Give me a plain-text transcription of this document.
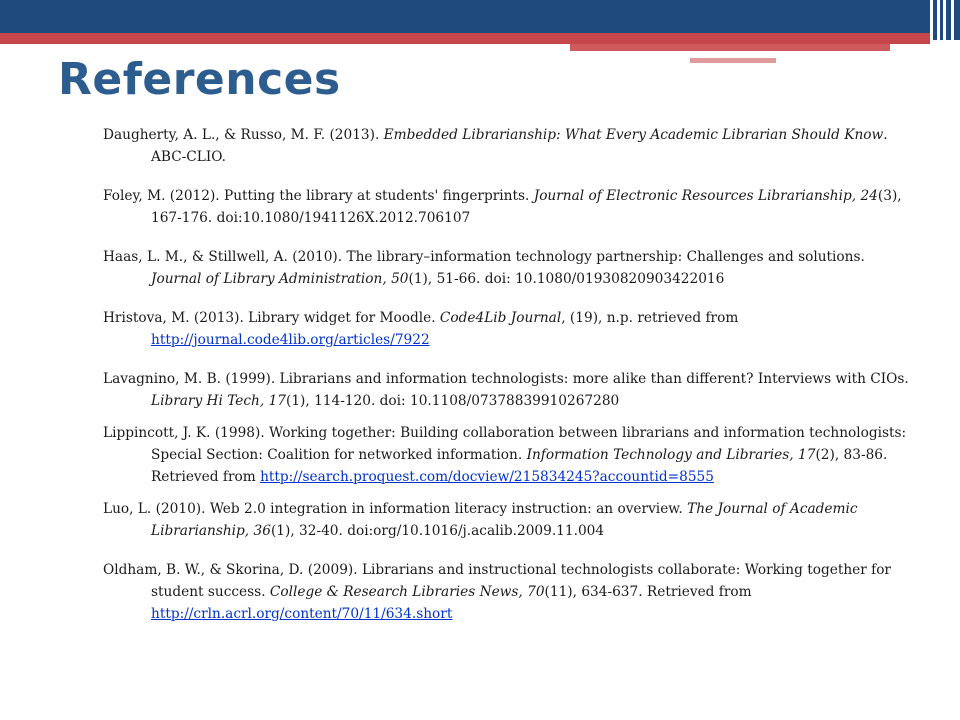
References
Daugherty, A. L., & Russo, M. F. (2013). Embedded Librarianship: What Every Academic Librarian Should Know. ABC-CLIO.
Foley, M. (2012). Putting the library at students' fingerprints. Journal of Electronic Resources Librarianship, 24(3), 167-176. doi:10.1080/1941126X.2012.706107
Haas, L. M., & Stillwell, A. (2010). The library–information technology partnership: Challenges and solutions. Journal of Library Administration, 50(1), 51-66. doi: 10.1080/01930820903422016
Hristova, M. (2013). Library widget for Moodle. Code4Lib Journal, (19), n.p. retrieved from http://journal.code4lib.org/articles/7922
Lavagnino, M. B. (1999). Librarians and information technologists: more alike than different? Interviews with CIOs. Library Hi Tech, 17(1), 114-120. doi: 10.1108/07378839910267280
Lippincott, J. K. (1998). Working together: Building collaboration between librarians and information technologists: Special Section: Coalition for networked information. Information Technology and Libraries, 17(2), 83-86. Retrieved from http://search.proquest.com/docview/215834245?accountid=8555
Luo, L. (2010). Web 2.0 integration in information literacy instruction: an overview. The Journal of Academic Librarianship, 36(1), 32-40. doi:org/10.1016/j.acalib.2009.11.004
Oldham, B. W., & Skorina, D. (2009). Librarians and instructional technologists collaborate: Working together for student success. College & Research Libraries News, 70(11), 634-637. Retrieved from http://crln.acrl.org/content/70/11/634.short
